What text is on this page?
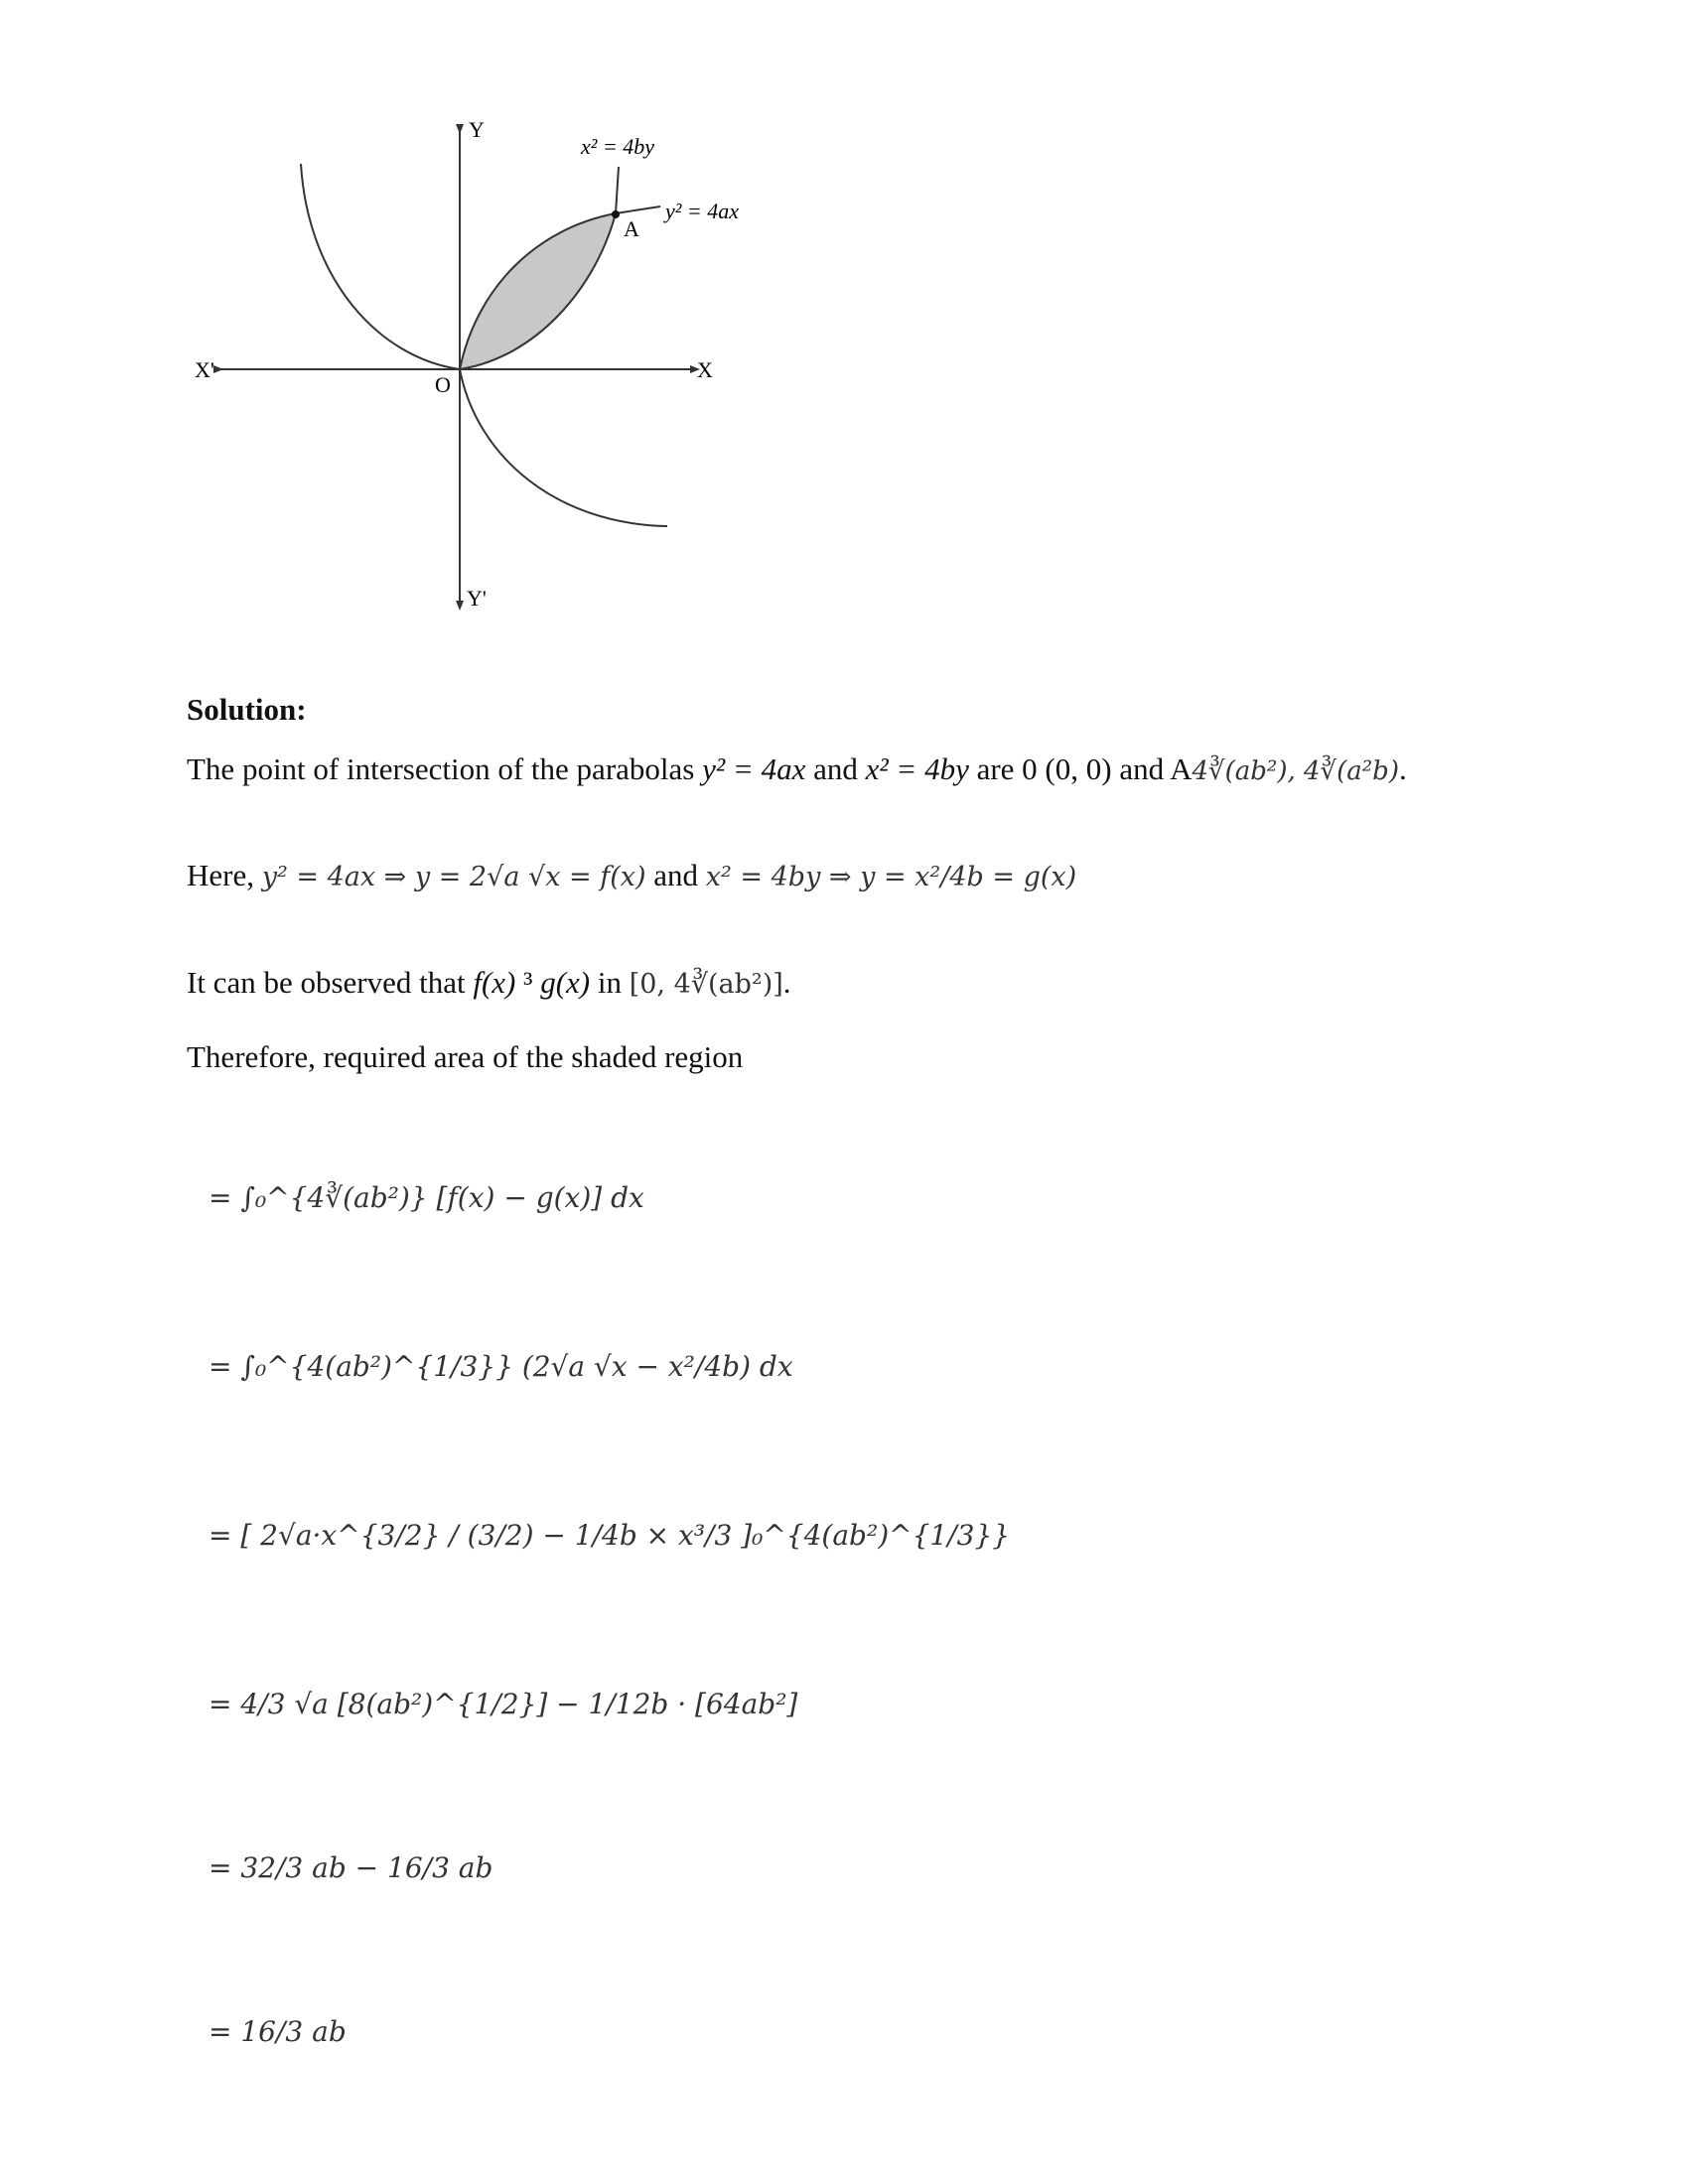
Y
Y'
X
X'
O
A
x² = 4by
y² = 4ax
Solution:
The point of intersection of the parabolas y² = 4ax and x² = 4by are 0 (0, 0) and A4∛(ab²), 4∛(a²b).
Here, y² = 4ax ⇒ y = 2√a √x = f(x) and x² = 4by ⇒ y = x²/4b = g(x)
It can be observed that f(x) ³ g(x) in [0, 4∛(ab²)].
Therefore, required area of the shaded region
= ∫₀^{4∛(ab²)} [f(x) − g(x)] dx
= ∫₀^{4(ab²)^{1/3}} (2√a √x − x²/4b) dx
= [ 2√a·x^{3/2} / (3/2) − 1/4b × x³/3 ]₀^{4(ab²)^{1/3}}
= 4/3 √a [8(ab²)^{1/2}] − 1/12b · [64ab²]
= 32/3 ab − 16/3 ab
= 16/3 ab
